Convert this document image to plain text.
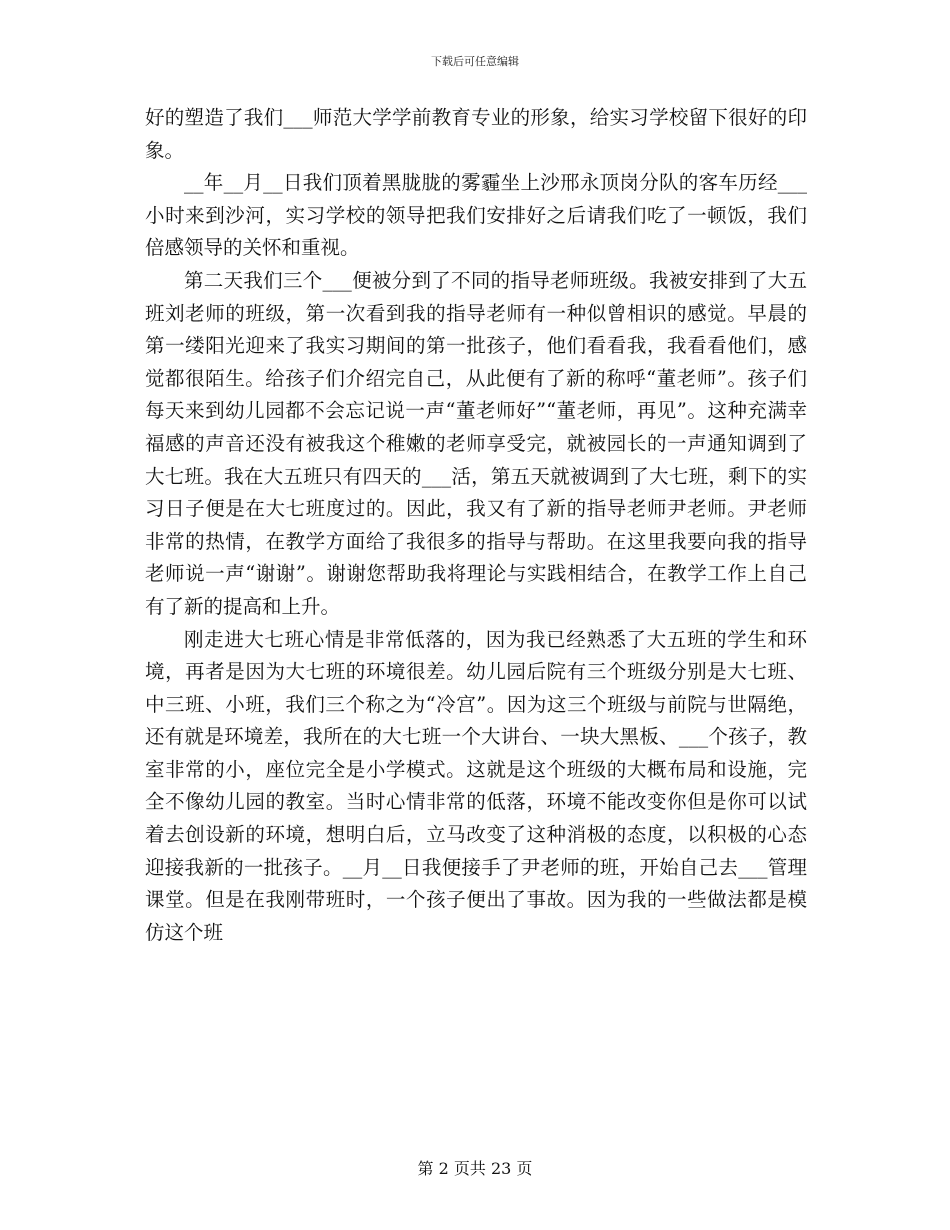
下载后可任意编辑

好的塑造了我们___师范大学学前教育专业的形象，给实习学校留下很好的印象。

__年__月__日我们顶着黑胧胧的雾霾坐上沙邢永顶岗分队的客车历经___小时来到沙河，实习学校的领导把我们安排好之后请我们吃了一顿饭，我们倍感领导的关怀和重视。

第二天我们三个___便被分到了不同的指导老师班级。我被安排到了大五班刘老师的班级，第一次看到我的指导老师有一种似曾相识的感觉。早晨的第一缕阳光迎来了我实习期间的第一批孩子，他们看看我，我看看他们，感觉都很陌生。给孩子们介绍完自己，从此便有了新的称呼“董老师”。孩子们每天来到幼儿园都不会忘记说一声“董老师好”“董老师，再见”。这种充满幸福感的声音还没有被我这个稚嫩的老师享受完，就被园长的一声通知调到了大七班。我在大五班只有四天的___活，第五天就被调到了大七班，剩下的实习日子便是在大七班度过的。因此，我又有了新的指导老师尹老师。尹老师非常的热情，在教学方面给了我很多的指导与帮助。在这里我要向我的指导老师说一声“谢谢”。谢谢您帮助我将理论与实践相结合，在教学工作上自己有了新的提高和上升。

刚走进大七班心情是非常低落的，因为我已经熟悉了大五班的学生和环境，再者是因为大七班的环境很差。幼儿园后院有三个班级分别是大七班、中三班、小班，我们三个称之为“冷宫”。因为这三个班级与前院与世隔绝，还有就是环境差，我所在的大七班一个大讲台、一块大黑板、___个孩子，教室非常的小，座位完全是小学模式。这就是这个班级的大概布局和设施，完全不像幼儿园的教室。当时心情非常的低落，环境不能改变你但是你可以试着去创设新的环境，想明白后，立马改变了这种消极的态度，以积极的心态迎接我新的一批孩子。__月__日我便接手了尹老师的班，开始自己去___管理课堂。但是在我刚带班时，一个孩子便出了事故。因为我的一些做法都是模仿这个班

第 2 页共 23 页
